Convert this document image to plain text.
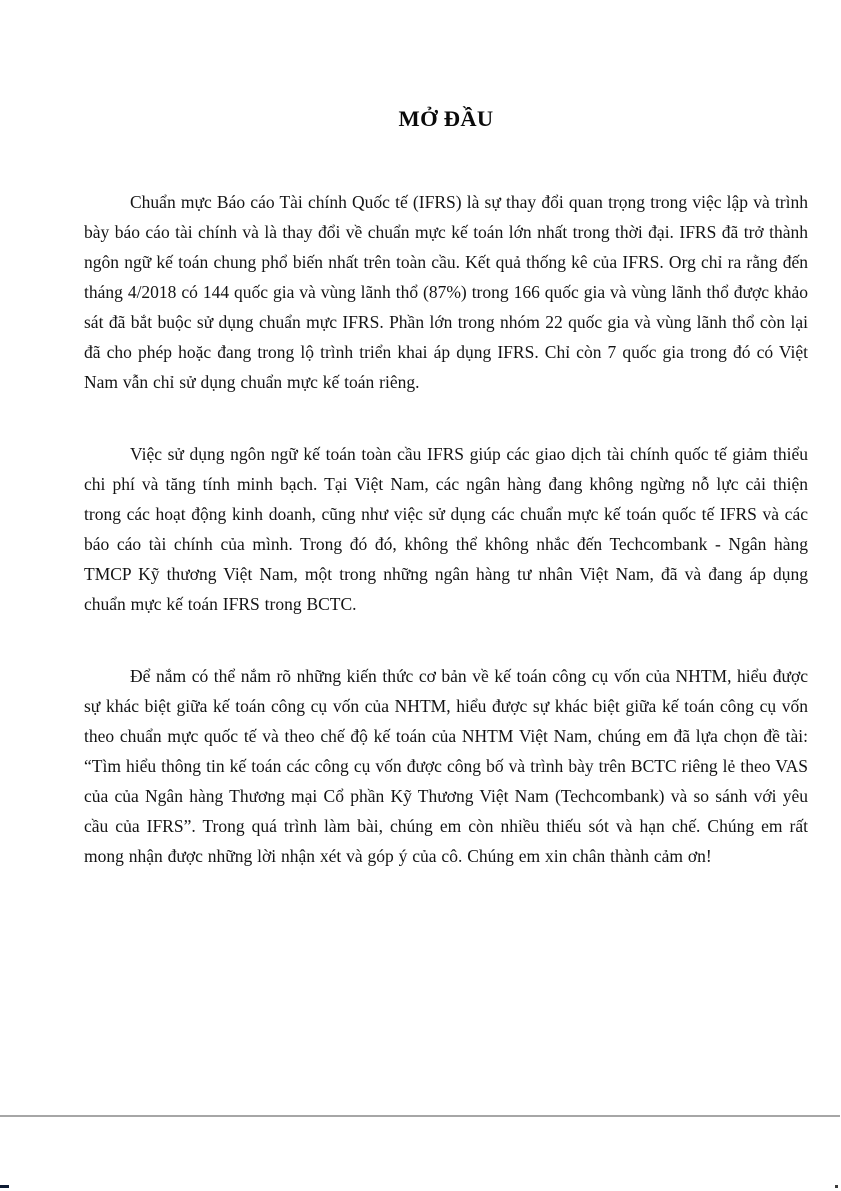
MỞ ĐẦU

Chuẩn mực Báo cáo Tài chính Quốc tế (IFRS) là sự thay đổi quan trọng trong việc lập và trình bày báo cáo tài chính và là thay đổi về chuẩn mực kế toán lớn nhất trong thời đại. IFRS đã trở thành ngôn ngữ kế toán chung phổ biến nhất trên toàn cầu. Kết quả thống kê của IFRS. Org chỉ ra rằng đến tháng 4/2018 có 144 quốc gia và vùng lãnh thổ (87%) trong 166 quốc gia và vùng lãnh thổ được khảo sát đã bắt buộc sử dụng chuẩn mực IFRS. Phần lớn trong nhóm 22 quốc gia và vùng lãnh thổ còn lại đã cho phép hoặc đang trong lộ trình triển khai áp dụng IFRS. Chỉ còn 7 quốc gia trong đó có Việt Nam vẫn chỉ sử dụng chuẩn mực kế toán riêng.

Việc sử dụng ngôn ngữ kế toán toàn cầu IFRS giúp các giao dịch tài chính quốc tế giảm thiểu chi phí và tăng tính minh bạch. Tại Việt Nam, các ngân hàng đang không ngừng nỗ lực cải thiện trong các hoạt động kinh doanh, cũng như việc sử dụng các chuẩn mực kế toán quốc tế IFRS và các báo cáo tài chính của mình. Trong đó đó, không thể không nhắc đến Techcombank - Ngân hàng TMCP Kỹ thương Việt Nam, một trong những ngân hàng tư nhân Việt Nam, đã và đang áp dụng chuẩn mực kế toán IFRS trong BCTC.

Để nắm có thể nắm rõ những kiến thức cơ bản về kế toán công cụ vốn của NHTM, hiểu được sự khác biệt giữa kế toán công cụ vốn của NHTM, hiểu được sự khác biệt giữa kế toán công cụ vốn theo chuẩn mực quốc tế và theo chế độ kế toán của NHTM Việt Nam, chúng em đã lựa chọn đề tài: “Tìm hiểu thông tin kế toán các công cụ vốn được công bố và trình bày trên BCTC riêng lẻ theo VAS của của Ngân hàng Thương mại Cổ phần Kỹ Thương Việt Nam (Techcombank) và so sánh với yêu cầu của IFRS”. Trong quá trình làm bài, chúng em còn nhiều thiếu sót và hạn chế. Chúng em rất mong nhận được những lời nhận xét và góp ý của cô. Chúng em xin chân thành cảm ơn!
